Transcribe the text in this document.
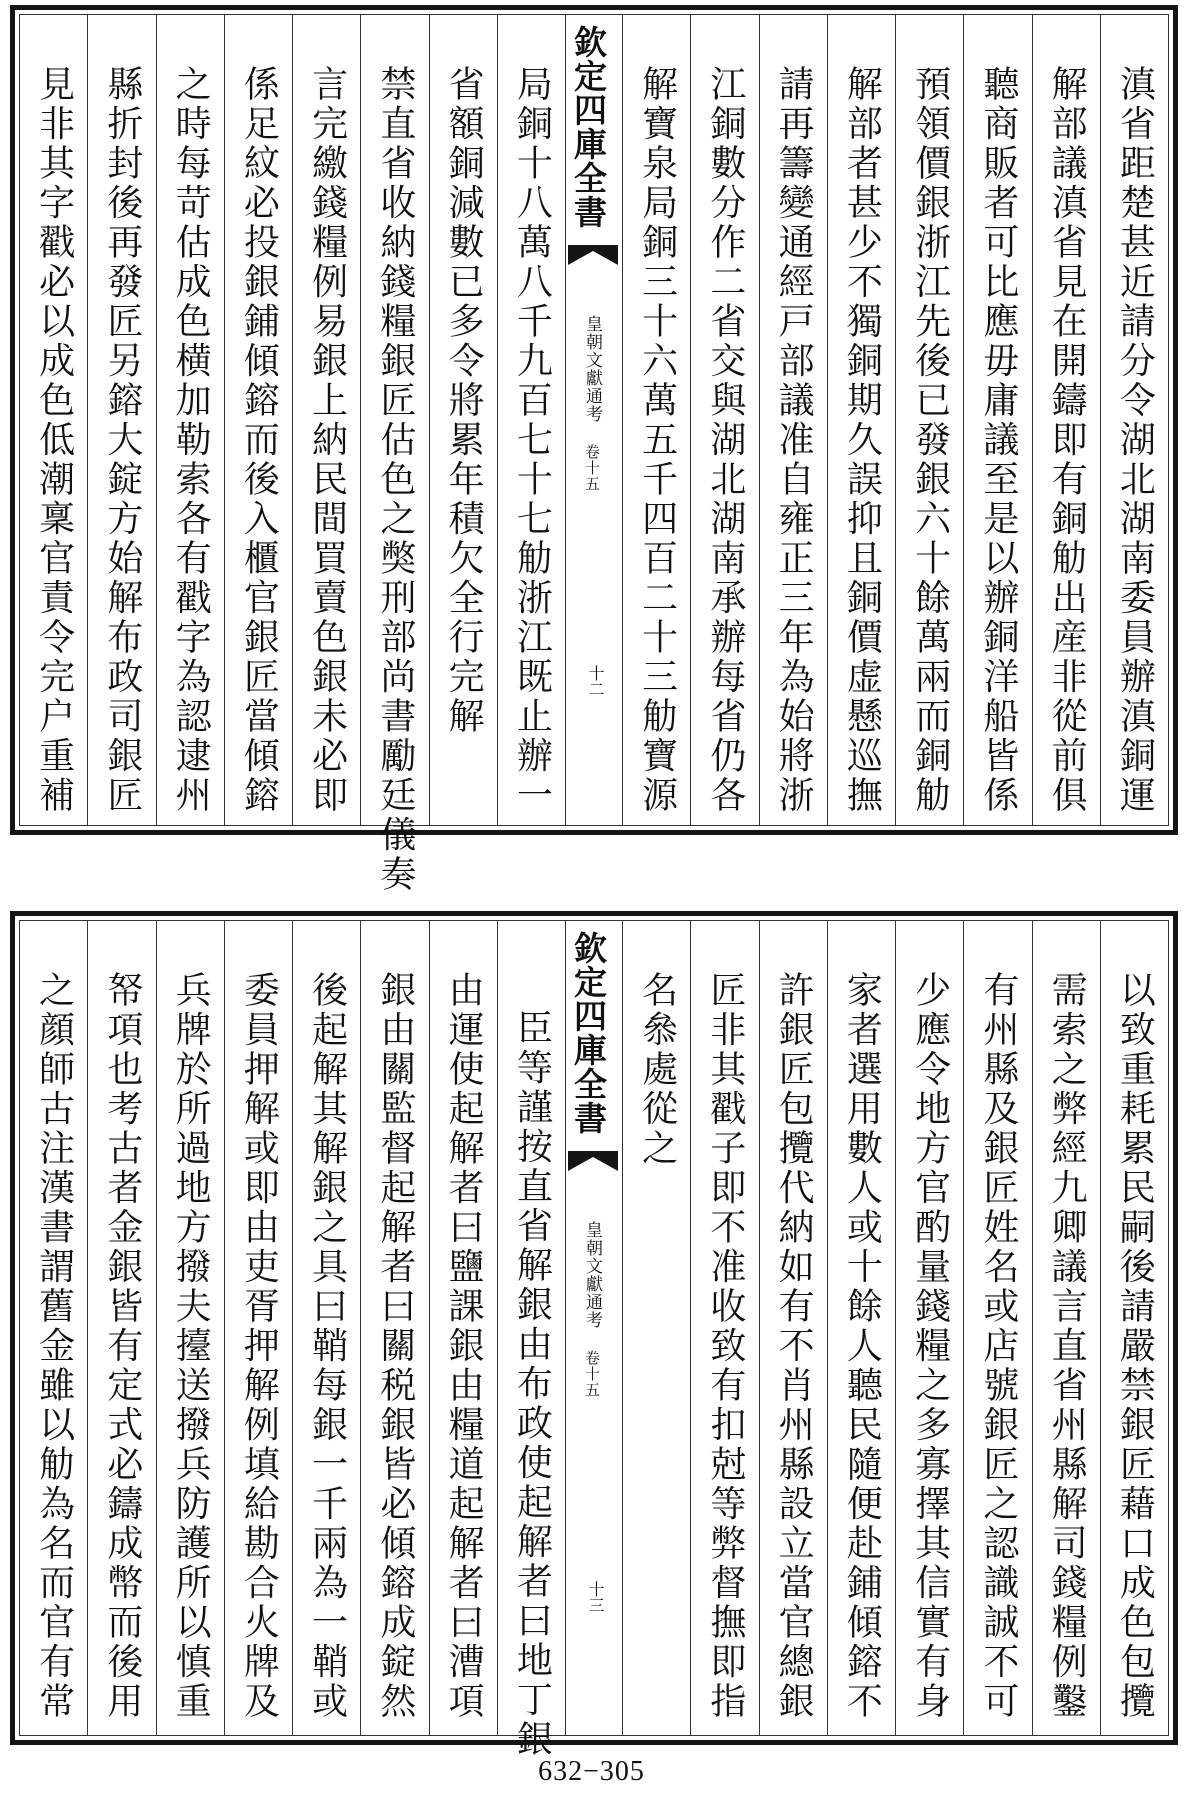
滇省距楚甚近請分令湖北湖南委員辦滇銅運
解部議滇省見在開鑄即有銅觔出産非從前俱
聽商販者可比應毋庸議至是以辦銅洋船皆係
預領價銀浙江先後已發銀六十餘萬兩而銅觔
解部者甚少不獨銅期久誤抑且銅價虚懸巡撫
請再籌變通經戸部議准自雍正三年為始將浙
江銅數分作二省交與湖北湖南承辦每省仍各
解寶泉局銅三十六萬五千四百二十三觔寶源
欽定四庫全書
皇朝文獻通考 卷十五
十二
局銅十八萬八千九百七十七觔浙江既止辦一
省額銅減數已多令將累年積欠全行完解
禁直省收納錢糧銀匠估色之獘刑部尚書勵廷儀奏
言完繳錢糧例易銀上納民間買賣色銀未必即
係足紋必投銀鋪傾鎔而後入櫃官銀匠當傾鎔
之時每苛估成色横加勒索各有戳字為認逮州
縣折封後再發匠另鎔大錠方始解布政司銀匠
見非其字戳必以成色低潮稟官責令完户重補
以致重耗累民嗣後請嚴禁銀匠藉口成色包攬
需索之弊經九卿議言直省州縣解司錢糧例鑿
有州縣及銀匠姓名或店號銀匠之認識誠不可
少應令地方官酌量錢糧之多寡擇其信實有身
家者選用數人或十餘人聽民隨便赴鋪傾鎔不
許銀匠包攬代納如有不肖州縣設立當官總銀
匠非其戳子即不准收致有扣尅等弊督撫即指
名叅處從之
欽定四庫全書
皇朝文獻通考 卷十五
十三
臣等謹按直省解銀由布政使起解者曰地丁銀
由運使起解者曰鹽課銀由糧道起解者曰漕項
銀由關監督起解者曰關税銀皆必傾鎔成錠然
後起解其解銀之具曰鞘每銀一千兩為一鞘或
委員押解或即由吏胥押解例填給勘合火牌及
兵牌於所過地方撥夫擡送撥兵防護所以慎重
帑項也考古者金銀皆有定式必鑄成幣而後用
之顔師古注漢書謂舊金雖以觔為名而官有常
632−305
